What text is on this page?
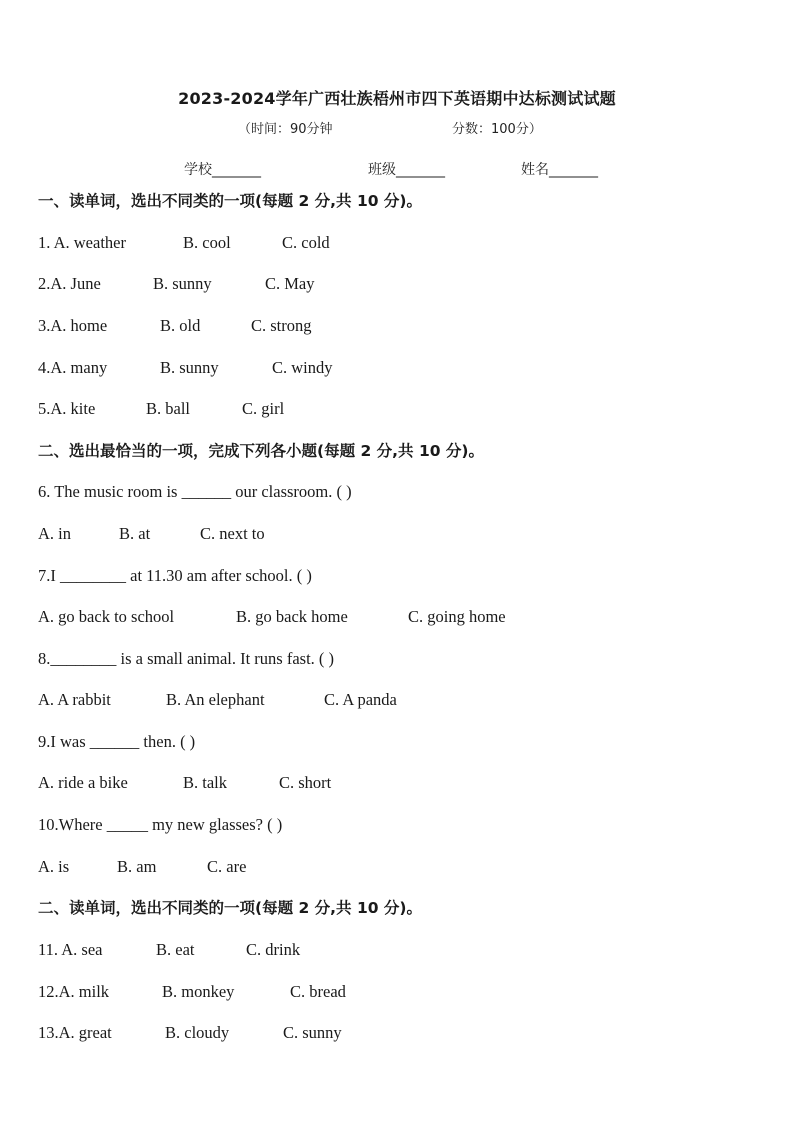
2023-2024学年广西壮族梧州市四下英语期中达标测试试题
（时间：90分钟	分数：100分）
学校_______	班级_______	姓名_______
一、读单词，选出不同类的一项(每题 2 分,共 10 分)。
1. A. weather	B. cool	C. cold
2.A. June	B. sunny	C. May
3.A. home	B. old	C. strong
4.A. many	B. sunny	C. windy
5.A. kite	B. ball	C. girl
二、选出最恰当的一项，完成下列各小题(每题 2 分,共 10 分)。
6. The music room is ______ our classroom. ( )
A. in	B. at	C. next to
7.I ________ at 11.30 am after school. ( )
A. go back to school	B. go back home	C. going home
8.________ is a small animal. It runs fast. ( )
A. A rabbit	B. An elephant	C. A panda
9.I was ______ then. ( )
A. ride a bike	B. talk	C. short
10.Where _____ my new glasses? ( )
A. is	B. am	C. are
二、读单词，选出不同类的一项(每题 2 分,共 10 分)。
11. A. sea	B. eat	C. drink
12.A. milk	B. monkey	C. bread
13.A. great	B. cloudy	C. sunny
